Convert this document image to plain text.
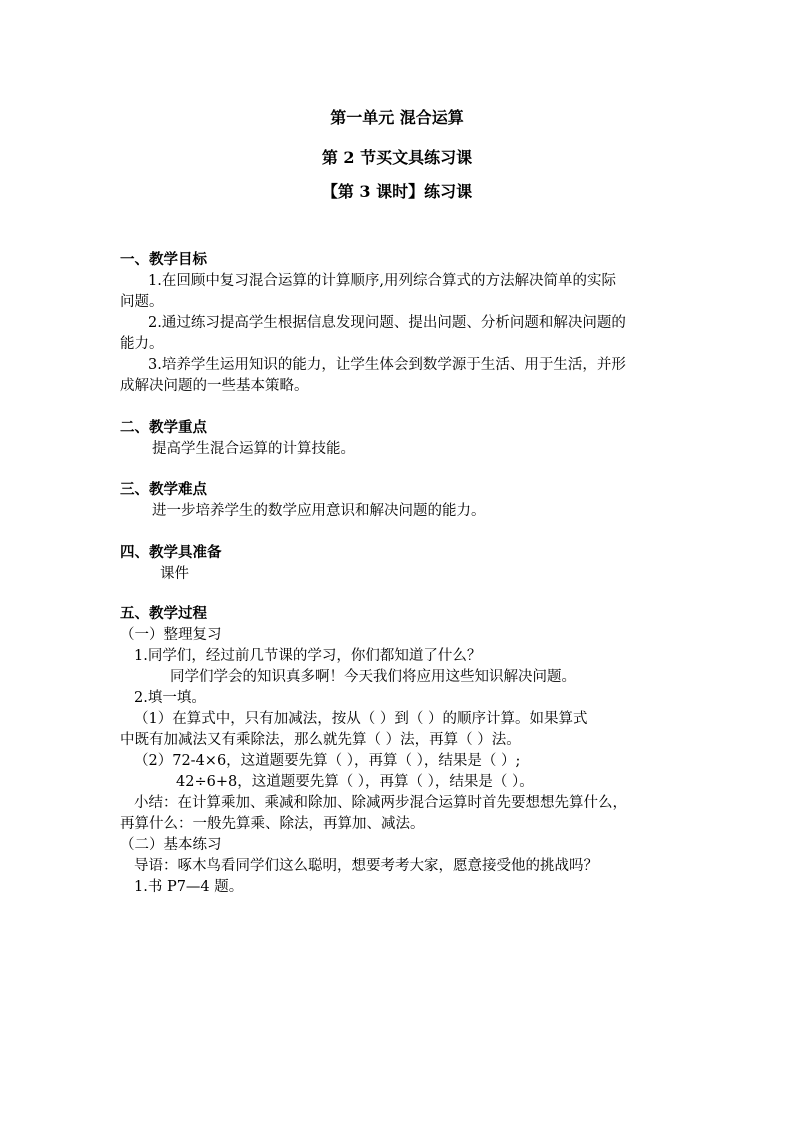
第一单元 混合运算
第 2 节买文具练习课
【第 3 课时】练习课
一、教学目标
1.在回顾中复习混合运算的计算顺序,用列综合算式的方法解决简单的实际
问题。
2.通过练习提高学生根据信息发现问题、提出问题、分析问题和解决问题的
能力。
3.培养学生运用知识的能力，让学生体会到数学源于生活、用于生活，并形
成解决问题的一些基本策略。
二、教学重点
提高学生混合运算的计算技能。
三、教学难点
进一步培养学生的数学应用意识和解决问题的能力。
四、教学具准备
课件
五、教学过程
（一）整理复习
1.同学们，经过前几节课的学习，你们都知道了什么？
同学们学会的知识真多啊！今天我们将应用这些知识解决问题。
2.填一填。
（1）在算式中，只有加减法，按从（ ）到（ ）的顺序计算。如果算式
中既有加减法又有乘除法，那么就先算（ ）法，再算（ ）法。
（2）72-4×6，这道题要先算（ ），再算（ ），结果是（ ）;
42÷6+8，这道题要先算（ ），再算（ ），结果是（ ）。
小结：在计算乘加、乘减和除加、除减两步混合运算时首先要想想先算什么，
再算什么：一般先算乘、除法，再算加、减法。
（二）基本练习
导语：啄木鸟看同学们这么聪明，想要考考大家，愿意接受他的挑战吗？
1.书 P7—4 题。
